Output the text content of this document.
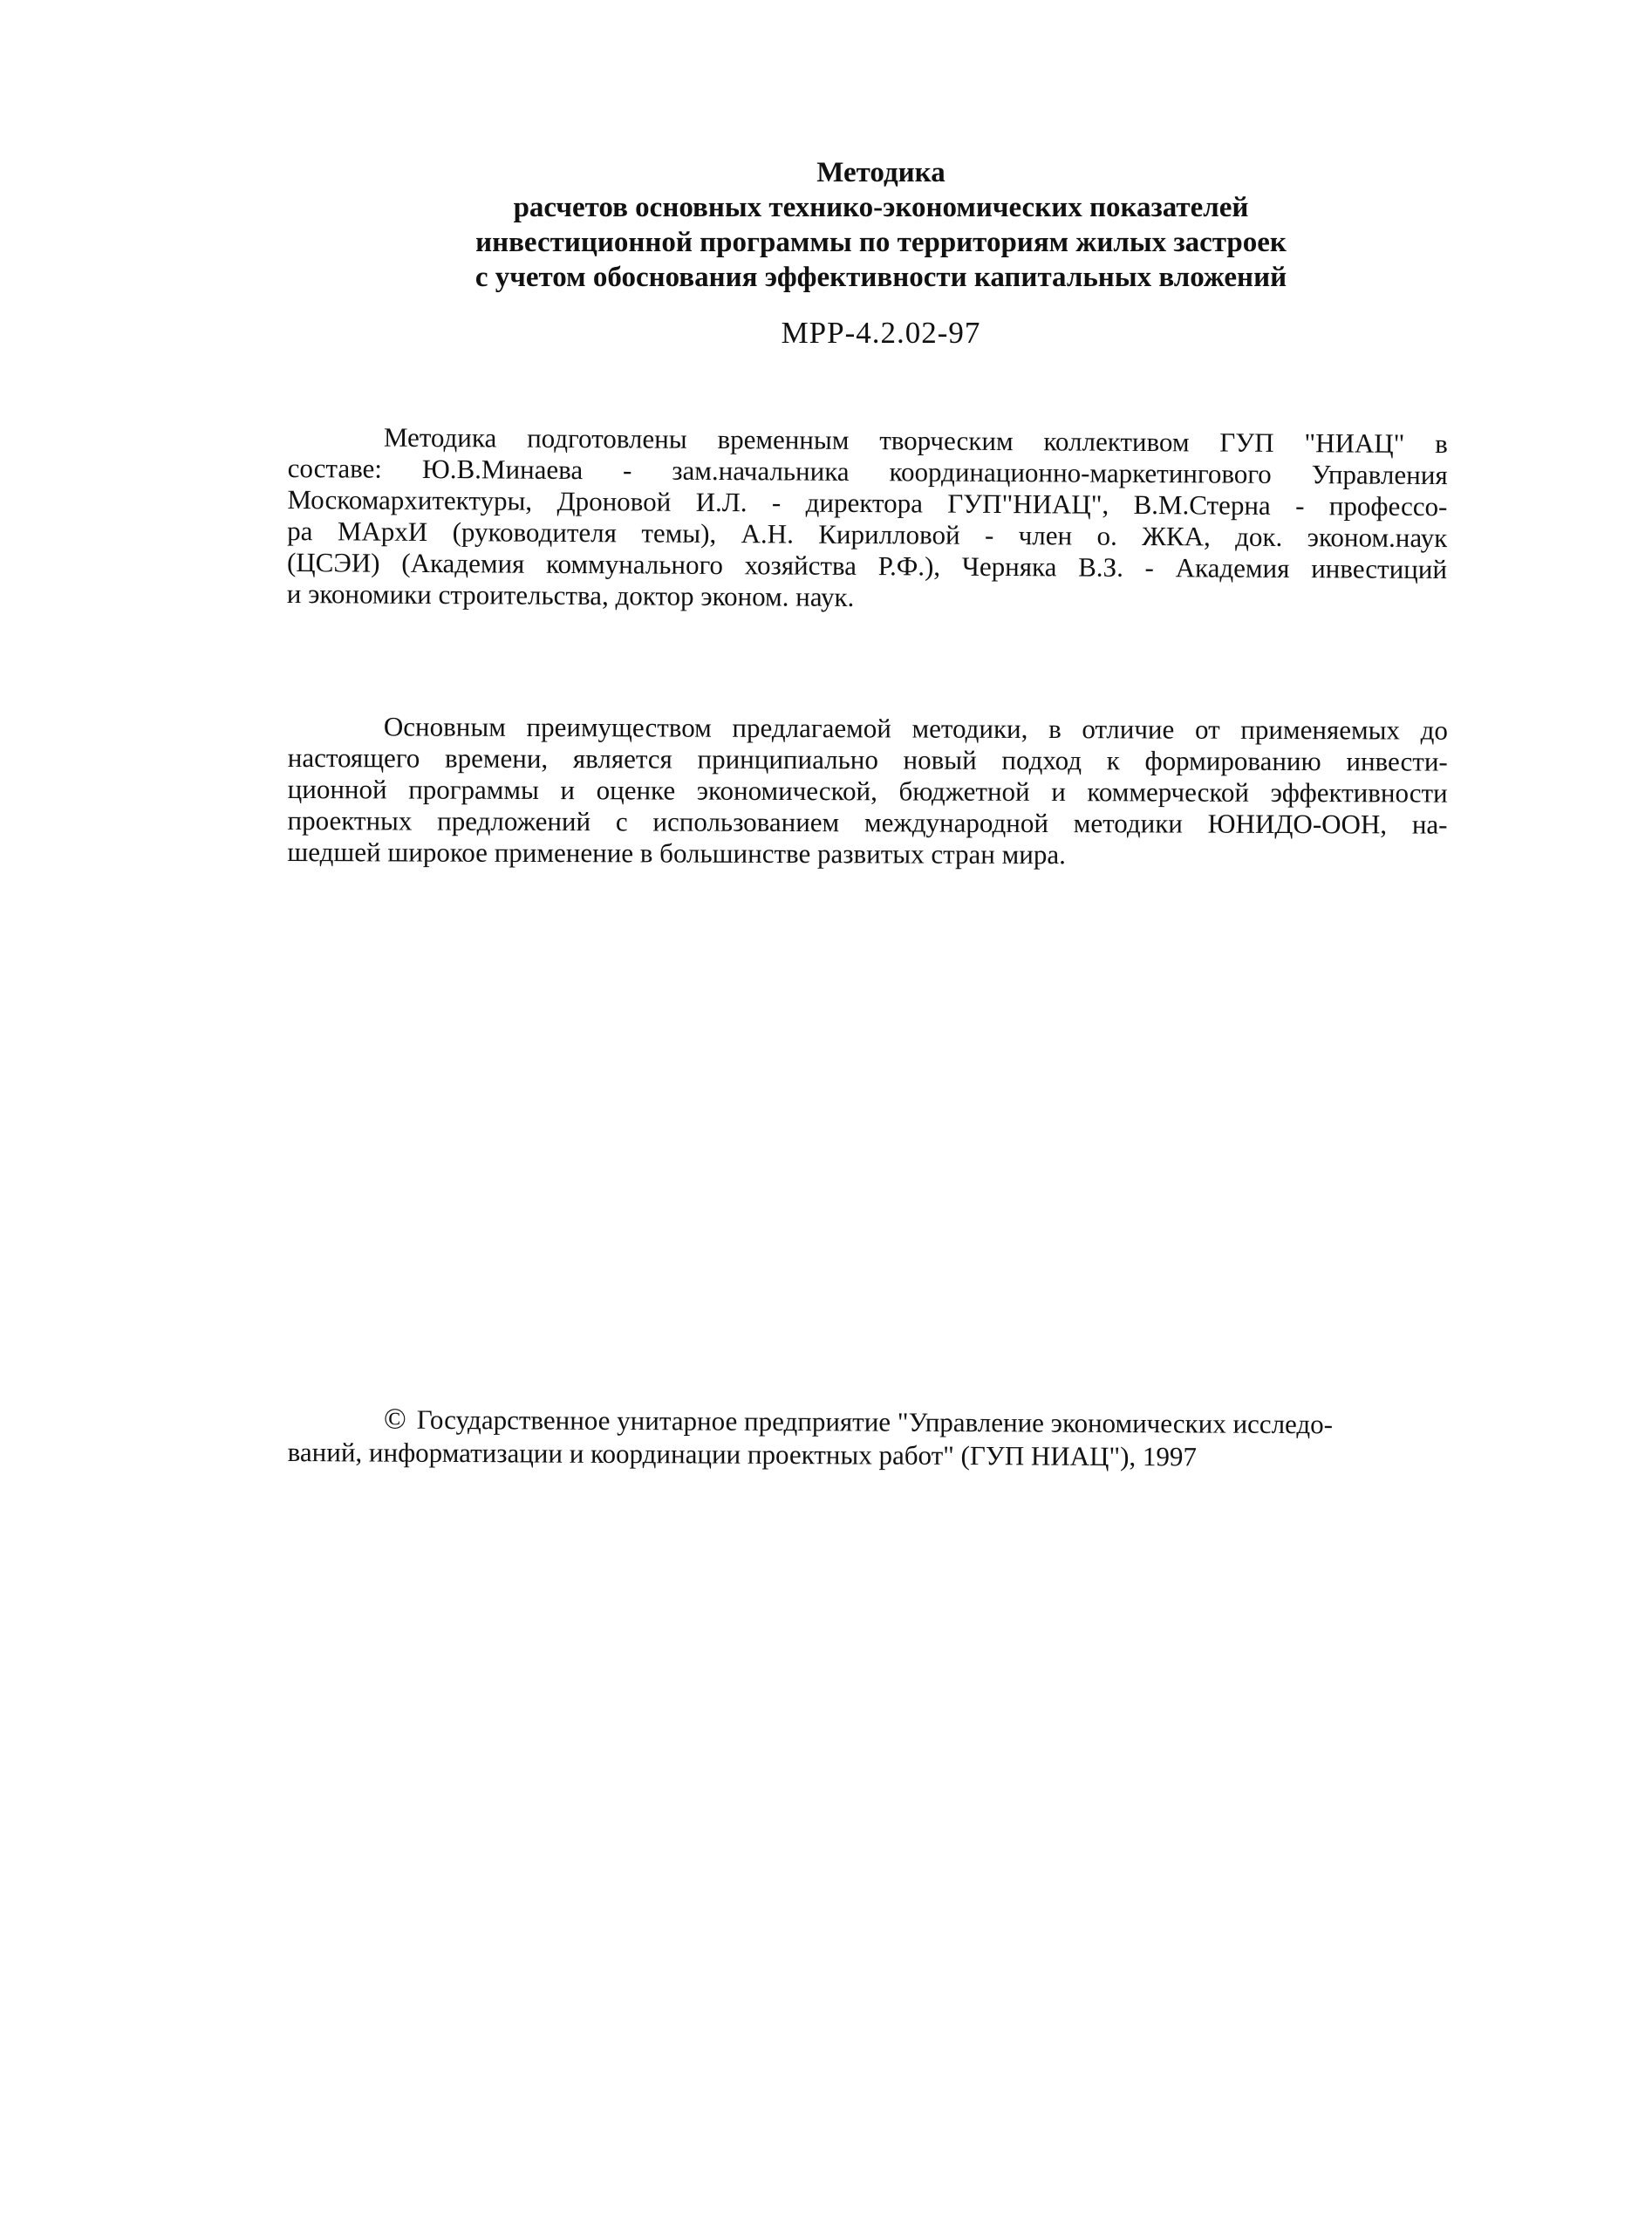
Методика
расчетов основных технико-экономических показателей
инвестиционной программы по территориям жилых застроек
с учетом обоснования эффективности капитальных вложений
МРР-4.2.02-97
Методика подготовлены временным творческим коллективом ГУП "НИАЦ" в
составе: Ю.В.Минаева - зам.начальника координационно-маркетингового Управления
Москомархитектуры, Дроновой И.Л. - директора ГУП"НИАЦ", В.М.Стерна - профессо-
ра МАрхИ (руководителя темы), А.Н. Кирилловой - член о. ЖКА, док. эконом.наук
(ЦСЭИ) (Академия коммунального хозяйства Р.Ф.), Черняка В.З. - Академия инвестиций
и экономики строительства, доктор эконом. наук.
Основным преимуществом предлагаемой методики, в отличие от применяемых до
настоящего времени, является принципиально новый подход к формированию инвести-
ционной программы и оценке экономической, бюджетной и коммерческой эффективности
проектных предложений с использованием международной методики ЮНИДО-ООН, на-
шедшей широкое применение в большинстве развитых стран мира.
© Государственное унитарное предприятие "Управление экономических исследо-
ваний, информатизации и координации проектных работ" (ГУП НИАЦ"), 1997
